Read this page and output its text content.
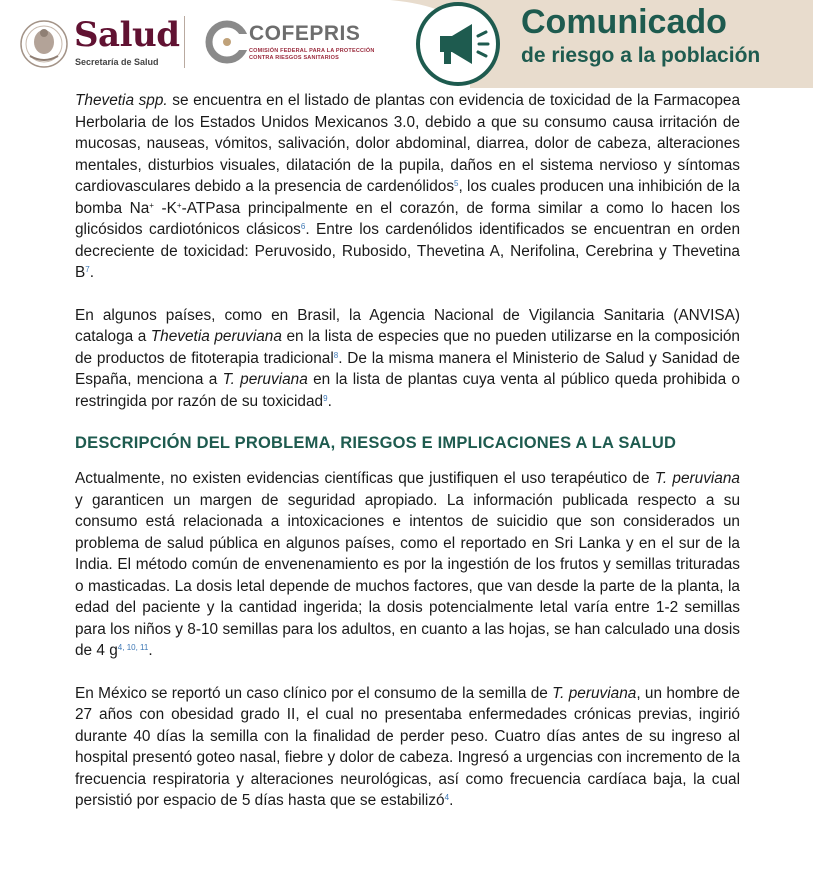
Salud
Secretaría de Salud
COFEPRIS
COMISIÓN FEDERAL PARA LA PROTECCIÓN
CONTRA RIESGOS SANITARIOS
Comunicado
de riesgo a la población

Thevetia spp. se encuentra en el listado de plantas con evidencia de toxicidad de la Farmacopea Herbolaria de los Estados Unidos Mexicanos 3.0, debido a que su consumo causa irritación de mucosas, nauseas, vómitos, salivación, dolor abdominal, diarrea, dolor de cabeza, alteraciones mentales, disturbios visuales, dilatación de la pupila, daños en el sistema nervioso y síntomas cardiovasculares debido a la presencia de cardenólidos$^5$, los cuales producen una inhibición de la bomba Na+ -K+-ATPasa principalmente en el corazón, de forma similar a como lo hacen los glicósidos cardiotónicos clásicos$^6$. Entre los cardenólidos identificados se encuentran en orden decreciente de toxicidad: Peruvosido, Rubosido, Thevetina A, Nerifolina, Cerebrina y Thevetina $B^7$.

En algunos países, como en Brasil, la Agencia Nacional de Vigilancia Sanitaria (ANVISA) cataloga a Thevetia peruviana en la lista de especies que no pueden utilizarse en la composición de productos de fitoterapia tradicional$^8$. De la misma manera el Ministerio de Salud y Sanidad de España, menciona a T. peruviana en la lista de plantas cuya venta al público queda prohibida o restringida por razón de su toxicidad$^9$.

DESCRIPCIÓN DEL PROBLEMA, RIESGOS E IMPLICACIONES A LA SALUD

Actualmente, no existen evidencias científicas que justifiquen el uso terapéutico de T. peruviana y garanticen un margen de seguridad apropiado. La información publicada respecto a su consumo está relacionada a intoxicaciones e intentos de suicidio que son considerados un problema de salud pública en algunos países, como el reportado en Sri Lanka y en el sur de la India. El método común de envenenamiento es por la ingestión de los frutos y semillas trituradas o masticadas. La dosis letal depende de muchos factores, que van desde la parte de la planta, la edad del paciente y la cantidad ingerida; la dosis potencialmente letal varía entre 1-2 semillas para los niños y 8-10 semillas para los adultos, en cuanto a las hojas, se han calculado una dosis de 4 $g^{4, 10, 11}$.

En México se reportó un caso clínico por el consumo de la semilla de T. peruviana, un hombre de 27 años con obesidad grado II, el cual no presentaba enfermedades crónicas previas, ingirió durante 40 días la semilla con la finalidad de perder peso. Cuatro días antes de su ingreso al hospital presentó goteo nasal, fiebre y dolor de cabeza. Ingresó a urgencias con incremento de la frecuencia respiratoria y alteraciones neurológicas, así como frecuencia cardíaca baja, la cual persistió por espacio de 5 días hasta que se estabilizó$^4$.
